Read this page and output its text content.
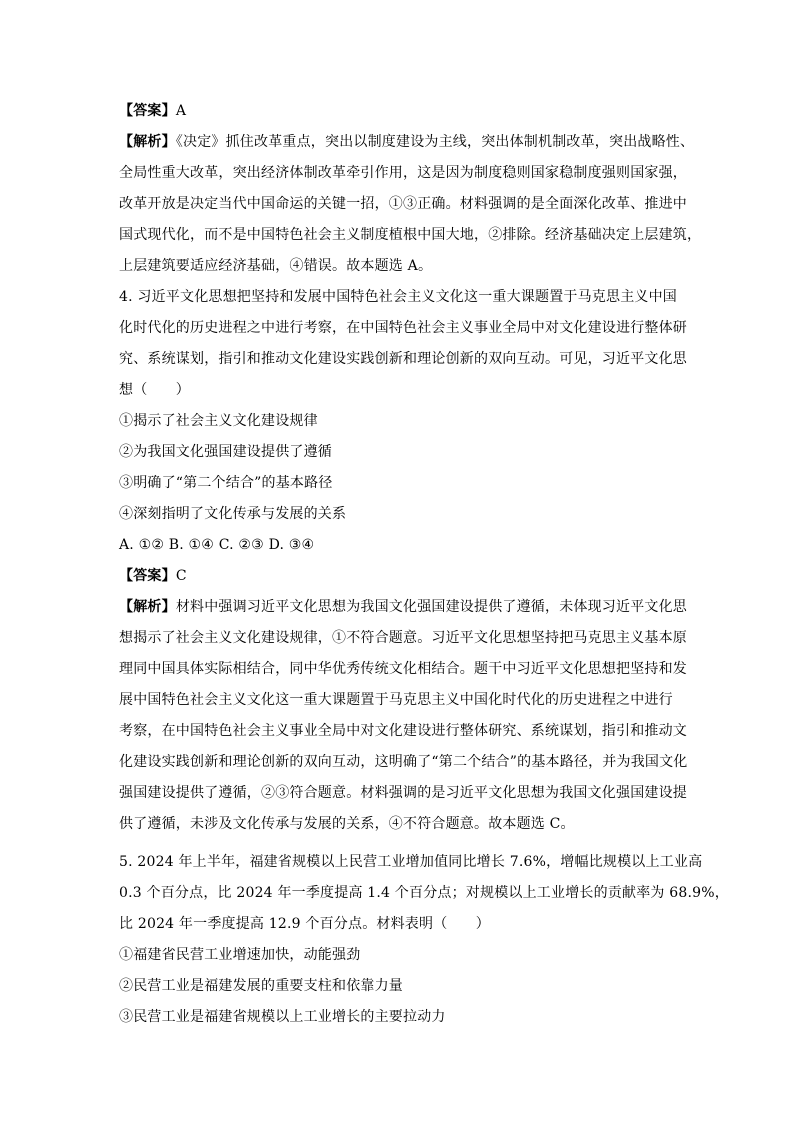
【答案】A
【解析】《决定》抓住改革重点，突出以制度建设为主线，突出体制机制改革，突出战略性、
全局性重大改革，突出经济体制改革牵引作用，这是因为制度稳则国家稳制度强则国家强，
改革开放是决定当代中国命运的关键一招，①③正确。材料强调的是全面深化改革、推进中
国式现代化，而不是中国特色社会主义制度植根中国大地，②排除。经济基础决定上层建筑，
上层建筑要适应经济基础，④错误。故本题选 A。
4. 习近平文化思想把坚持和发展中国特色社会主义文化这一重大课题置于马克思主义中国
化时代化的历史进程之中进行考察，在中国特色社会主义事业全局中对文化建设进行整体研
究、系统谋划，指引和推动文化建设实践创新和理论创新的双向互动。可见，习近平文化思
想（　　）
①揭示了社会主义文化建设规律
②为我国文化强国建设提供了遵循
③明确了“第二个结合”的基本路径
④深刻指明了文化传承与发展的关系
A. ①② B. ①④ C. ②③ D. ③④
【答案】C
【解析】材料中强调习近平文化思想为我国文化强国建设提供了遵循，未体现习近平文化思
想揭示了社会主义文化建设规律，①不符合题意。习近平文化思想坚持把马克思主义基本原
理同中国具体实际相结合，同中华优秀传统文化相结合。题干中习近平文化思想把坚持和发
展中国特色社会主义文化这一重大课题置于马克思主义中国化时代化的历史进程之中进行
考察，在中国特色社会主义事业全局中对文化建设进行整体研究、系统谋划，指引和推动文
化建设实践创新和理论创新的双向互动，这明确了“第二个结合”的基本路径，并为我国文化
强国建设提供了遵循，②③符合题意。材料强调的是习近平文化思想为我国文化强国建设提
供了遵循，未涉及文化传承与发展的关系，④不符合题意。故本题选 C。
5. 2024 年上半年，福建省规模以上民营工业增加值同比增长 7.6%，增幅比规模以上工业高
0.3 个百分点，比 2024 年一季度提高 1.4 个百分点；对规模以上工业增长的贡献率为 68.9%，
比 2024 年一季度提高 12.9 个百分点。材料表明（　　）
①福建省民营工业增速加快，动能强劲
②民营工业是福建发展的重要支柱和依靠力量
③民营工业是福建省规模以上工业增长的主要拉动力
